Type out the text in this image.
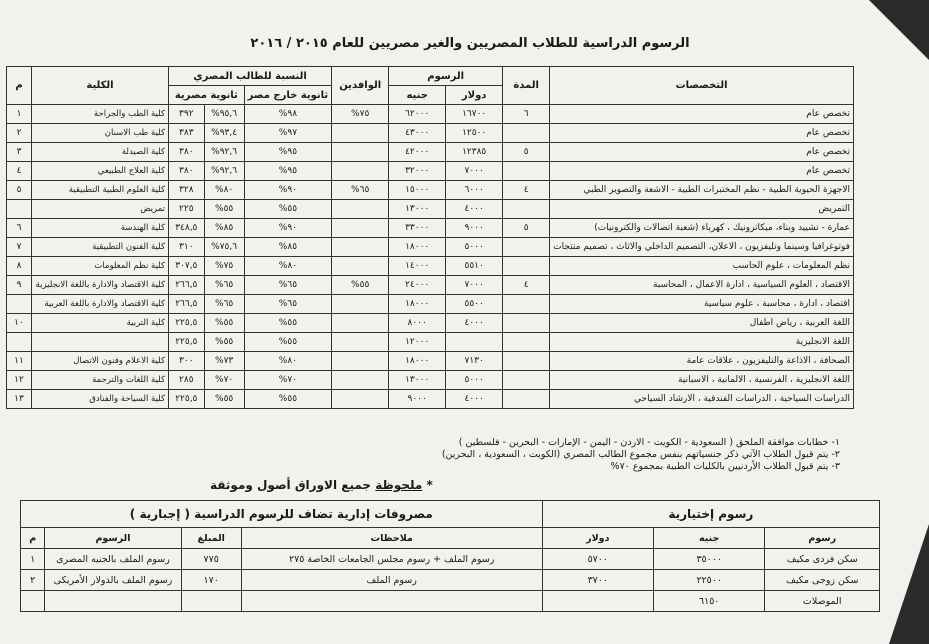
الرسوم الدراسية للطلاب المصريين والغير مصريين للعام ٢٠١٥ / ٢٠١٦
التخصصات	المدة	الرسوم		الوافدين	النسبة للطالب المصري			الكلية	م
		دولار	جنيه		ثانوية خارج مصر	ثانوية مصرية			
تخصص عام	٦	١٦٧٠٠	٦٢٠٠٠	٧٥%	٩٨%	٩٥,٦%	٣٩٢	كلية الطب والجراحة	١
تخصص عام		١٢٥٠٠	٤٣٠٠٠		٩٧%	٩٣,٤%	٣٨٣	كلية طب الاسنان	٢
تخصص عام	٥	١٢٣٨٥	٤٢٠٠٠		٩٥%	٩٢,٦%	٣٨٠	كلية الصيدلة	٣
تخصص عام		٧٠٠٠	٣٢٠٠٠		٩٥%	٩٢,٦%	٣٨٠	كلية العلاج الطبيعي	٤
الاجهزة الحيوية الطبية - نظم المختبرات الطبية - الاشعة والتصوير الطبي	٤	٦٠٠٠	١٥٠٠٠	٦٥%	٩٠%	٨٠%	٣٢٨	كلية العلوم الطبية التطبيقية	٥
التمريض		٤٠٠٠	١٣٠٠٠		٥٥%	٥٥%	٢٢٥	تمريض	
عمارة - تشييد وبناء، ميكاترونيك ، كهرباء (شعبة اتصالات والكترونيات)	٥	٩٠٠٠	٣٣٠٠٠		٩٠%	٨٥%	٣٤٨,٥	كلية الهندسة	٦
فوتوغرافيا وسينما وتليفزيون ، الاعلان، التصميم الداخلي والاثاث ، تصميم منتجات		٥٠٠٠	١٨٠٠٠		٨٥%	٧٥,٦%	٣١٠	كلية الفنون التطبيقية	٧
نظم المعلومات ، علوم الحاسب		٥٥١٠	١٤٠٠٠		٨٠%	٧٥%	٣٠٧,٥	كلية نظم المعلومات	٨
الاقتصاد ، العلوم السياسية ، ادارة الاعمال ، المحاسبة	٤	٧٠٠٠	٢٤٠٠٠	٥٥%	٦٥%	٦٥%	٢٦٦,٥	كلية الاقتصاد والادارة باللغة الانجليزية	٩
اقتصاد ، ادارة ، محاسبة ، علوم سياسية		٥٥٠٠	١٨٠٠٠		٦٥%	٦٥%	٢٦٦,٥	كلية الاقتصاد والادارة باللغة العربية	
اللغة العربية ، رياض اطفال		٤٠٠٠	٨٠٠٠		٥٥%	٥٥%	٢٢٥,٥	كلية التربية	١٠
اللغة الانجليزية			١٢٠٠٠		٥٥%	٥٥%	٢٢٥,٥		
الصحافة ، الاذاعة والتليفزيون ، علاقات عامة		٧١٣٠	١٨٠٠٠		٨٠%	٧٣%	٣٠٠	كلية الاعلام وفنون الاتصال	١١
اللغة الانجليزية ، الفرنسية ، الالمانية ، الاسبانية		٥٠٠٠	١٣٠٠٠		٧٠%	٧٠%	٢٨٥	كلية اللغات والترجمة	١٢
الدراسات السياحية ، الدراسات الفندقية ، الارشاد السياحي		٤٠٠٠	٩٠٠٠		٥٥%	٥٥%	٢٢٥,٥	كلية السياحة والفنادق	١٣
١- خطابات موافقة الملحق ( السعودية - الكويت - الاردن - اليمن - الإمارات - البحرين - فلسطين )
٢- يتم قبول الطلاب الآتي ذكر جنسياتهم بنفس مجموع الطالب المصري (الكويت ، السعودية ، البحرين)
٣- يتم قبول الطلاب الأردنيين بالكليات الطبية بمجموع ٧٠%
* ملحوظة جميع الاوراق أصول وموثقة
رسوم إختيارية			مصروفات إدارية تضاف للرسوم الدراسية ( إجبارية )			
رسوم	جنيه	دولار	ملاحظات	المبلغ	الرسوم	م
سكن فردى مكيف	٣٥٠٠٠	٥٧٠٠	رسوم الملف + رسوم مجلس الجامعات الخاصة ٢٧٥	٧٧٥	رسوم الملف بالجنيه المصرى	١
سكن زوجى مكيف	٢٢٥٠٠	٣٧٠٠	رسوم الملف	١٧٠	رسوم الملف بالدولار الأمريكى	٢
الموصلات	٦١٥٠					
